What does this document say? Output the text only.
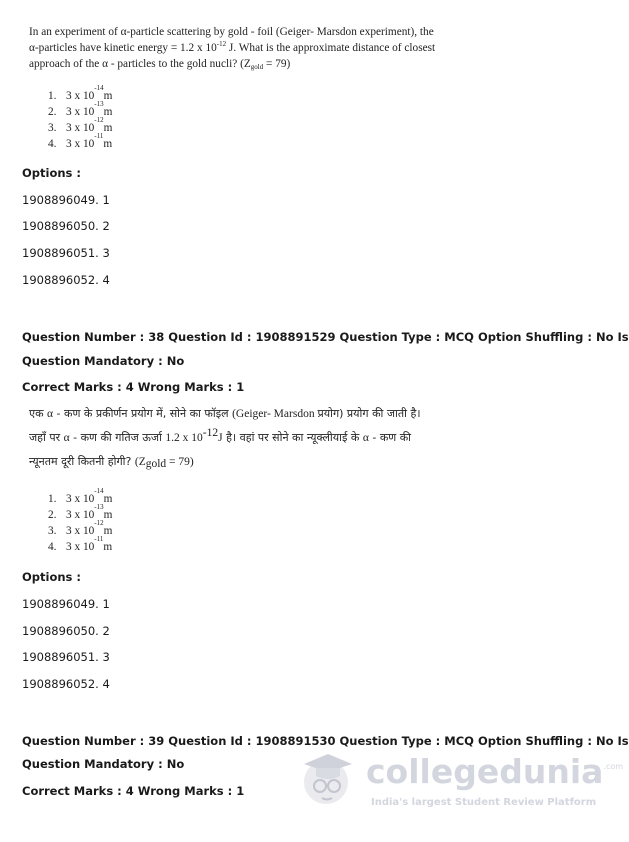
In an experiment of α-particle scattering by gold - foil (Geiger- Marsdon experiment), the
α-particles have kinetic energy = 1.2 x $10^{-12}$ J. What is the approximate distance of closest
approach of the α - particles to the gold nucli? $(Z_{gold} = 79)$
1. 3 x 10
-14
m
2. 3 x 10
-13
m
3. 3 x 10
-12
m
4. 3 x 10
-11
m
Options :
1908896049. 1
1908896050. 2
1908896051. 3
1908896052. 4
Question Number : 38 Question Id : 1908891529 Question Type : MCQ Option Shuffling : No Is
Question Mandatory : No
Correct Marks : 4 Wrong Marks : 1
एक α - कण के प्रकीर्णन प्रयोग में, सोने का फॉइल (Geiger- Marsdon प्रयोग) प्रयोग की जाती है।
जहाँ पर α - कण की गतिज ऊर्जा 1.2 x $10^{-12}J$ है। वहां पर सोने का न्यूक्लीयाई के α - कण की
न्यूनतम दूरी कितनी होगी? $(Z_{gold} = 79)$
1. 3 x 10
-14
m
2. 3 x 10
-13
m
3. 3 x 10
-12
m
4. 3 x 10
-11
m
Options :
1908896049. 1
1908896050. 2
1908896051. 3
1908896052. 4
Question Number : 39 Question Id : 1908891530 Question Type : MCQ Option Shuffling : No Is
Question Mandatory : No
Correct Marks : 4 Wrong Marks : 1	collegedunia$^{.com}$
India's largest Student Review Platform
